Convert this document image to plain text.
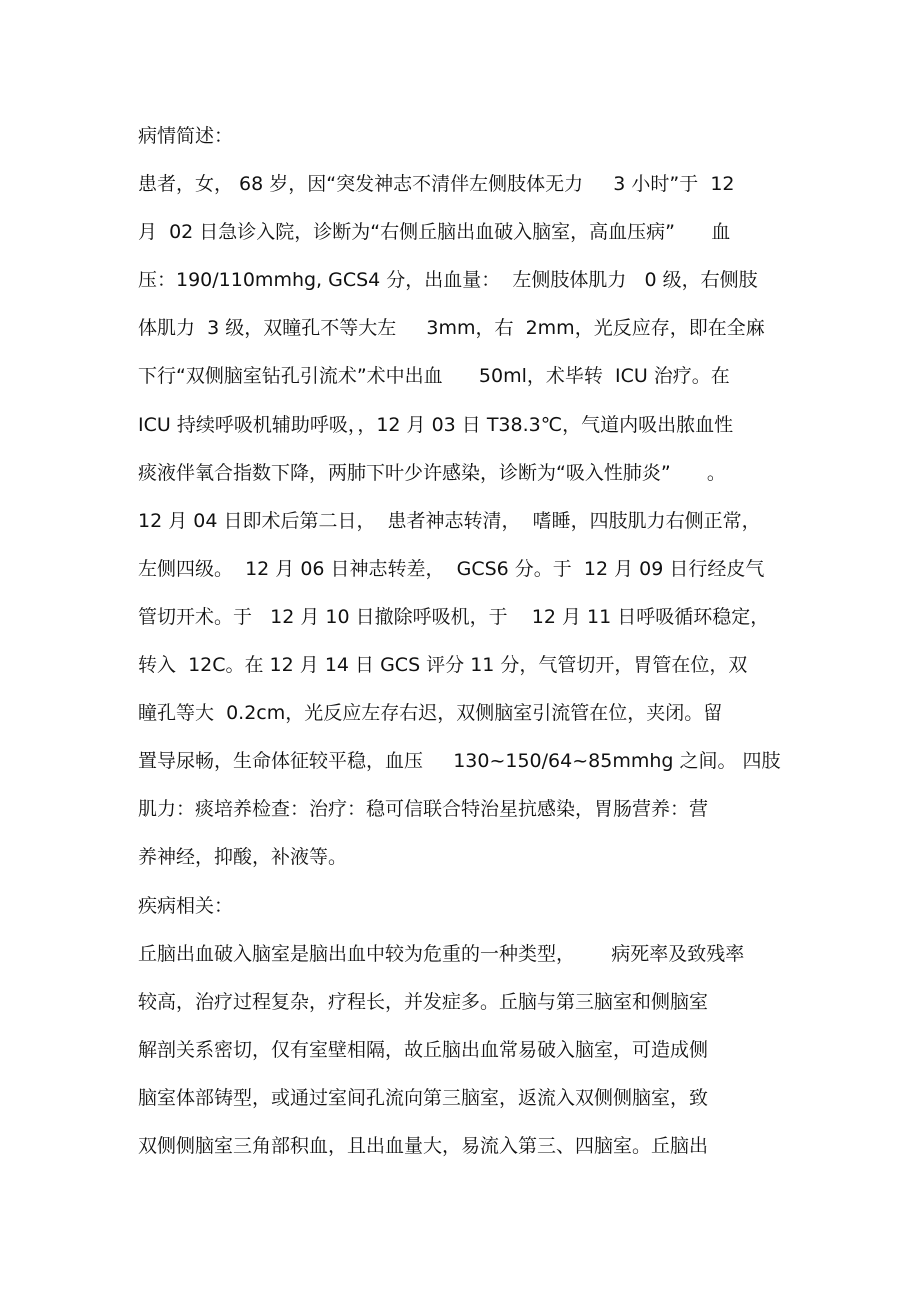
病情简述：
患者，女， 68 岁，因“突发神志不清伴左侧肢体无力     3 小时”于  12
月  02 日急诊入院，诊断为“右侧丘脑出血破入脑室，高血压病”      血
压：190/110mmhg, GCS4 分，出血量：  左侧肢体肌力   0 级，右侧肢
体肌力  3 级，双瞳孔不等大左     3mm，右  2mm，光反应存，即在全麻
下行“双侧脑室钻孔引流术”术中出血      50ml，术毕转  ICU 治疗。在
ICU 持续呼吸机辅助呼吸，，12 月 03 日 T38.3℃，气道内吸出脓血性
痰液伴氧合指数下降，两肺下叶少许感染，诊断为“吸入性肺炎”      。
12 月 04 日即术后第二日，  患者神志转清，  嗜睡，四肢肌力右侧正常，
左侧四级。  12 月 06 日神志转差，  GCS6 分。于  12 月 09 日行经皮气
管切开术。于   12 月 10 日撤除呼吸机，于    12 月 11 日呼吸循环稳定，
转入  12C。在 12 月 14 日 GCS 评分 11 分，气管切开，胃管在位，双
瞳孔等大  0.2cm，光反应左存右迟，双侧脑室引流管在位，夹闭。留
置导尿畅，生命体征较平稳，血压     130~150/64~85mmhg 之间。 四肢
肌力：痰培养检查：治疗：稳可信联合特治星抗感染，胃肠营养：营
养神经，抑酸，补液等。
疾病相关：
丘脑出血破入脑室是脑出血中较为危重的一种类型，      病死率及致残率
较高，治疗过程复杂，疗程长，并发症多。丘脑与第三脑室和侧脑室
解剖关系密切，仅有室壁相隔，故丘脑出血常易破入脑室，可造成侧
脑室体部铸型，或通过室间孔流向第三脑室，返流入双侧侧脑室，致
双侧侧脑室三角部积血，且出血量大，易流入第三、四脑室。丘脑出
